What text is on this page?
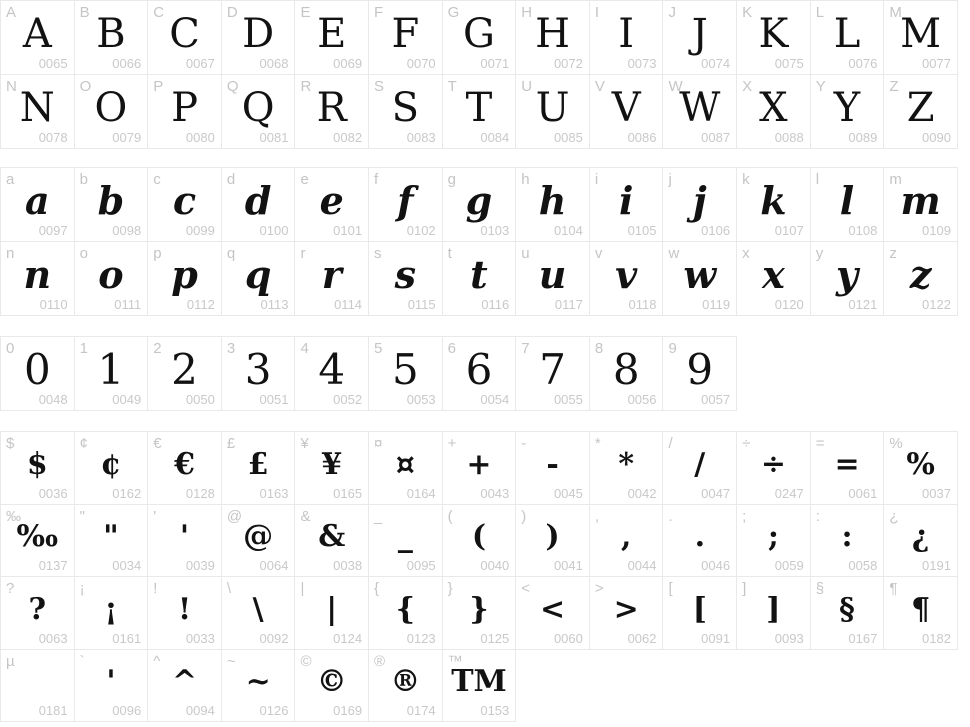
A A
0065
B B
0066
C C
0067
D D
0068
E E
0069
F F
0070
G G
0071
H H
0072
I I
0073
J J
0074
K K
0075
L L
0076
M
M
0077
N N
0078
O O
0079
P P
0080
Q Q
0081
R R
0082
S S
0083
T T
0084
U U
0085
V V
0086
W
W
0087
X X
0088
Y Y
0089
Z Z
0090
a a
0097
b b
0098
c c
0099
d d
0100
e e
0101
f f
0102
g g
0103
h h
0104
i i
0105
j j
0106
k k
0107
l l
0108
m
m
0109
n n
0110
o o
0111
p p
0112
q q
0113
r r
0114
s s
0115
t t
0116
u u
0117
v v
0118
w w
0119
x x
0120
y y
0121
z z
0122
0 0
0048
1 1
0049
2 2
0050
3 3
0051
4 4
0052
5 5
0053
6 6
0054
7 7
0055
8 8
0056
9 9
0057
$
$
0036
¢
¢
0162
€
€
0128
£
£
0163
¥
¥
0165
¤
¤
0164
+
+
0043
-
-
0045
*
*
0042
/
/
0047
÷
÷
0247
=
=
0061
%
%
0037
‰
‰
0137
"
"
0034
'
'
0039
@
@
0064
&
&
0038
_
_
0095
(
(
0040
)
)
0041
,
,
0044
.
.
0046
;
;
0059
:
:
0058
¿
¿
0191
?
?
0063
¡
¡
0161
!
!
0033
\
\
0092
|
|
0124
{
{
0123
}
}
0125
<
<
0060
>
>
0062
[
[
0091
]
]
0093
§
§
0167
¶
¶
0182
µ
0181
`
'
0096
^
^
0094
~
~
0126
©
©
0169
®
®
0174
™
TM
0153
